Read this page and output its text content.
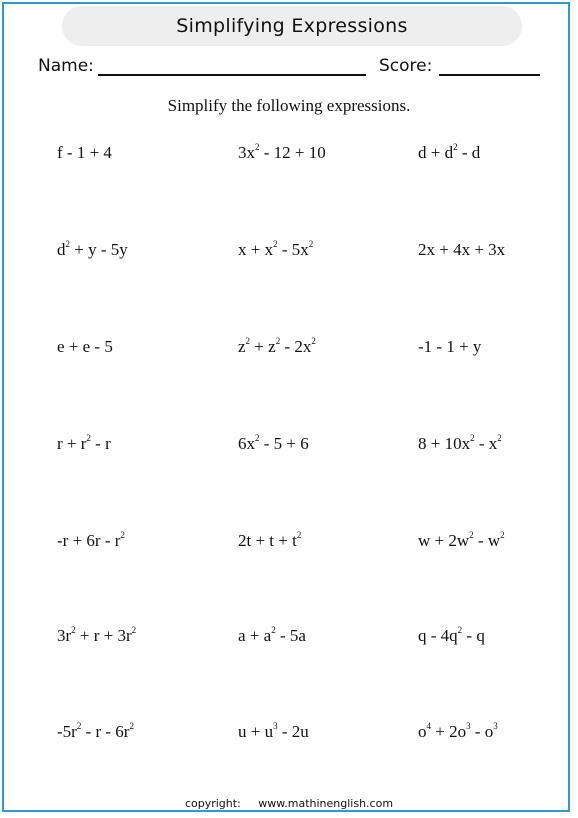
Simplifying Expressions
Name:	Score:
Simplify the following expressions.
f - 1 + 4	$3x^2 - 12 + 10$	$d + d^2 - d$
$d^2 + y - 5y$	$x + x^2 - 5x^2$	2x + 4x + 3x
e + e - 5	$z^2 + z^2 - 2x^2$	-1 - 1 + y
$r + r^2 - r$	$6x^2 - 5 + 6$	$8 + 10x^2 - x^2$
$-r + 6r - r^2$	$2t + t + t^2$	$w + 2w^2 - w^2$
$3r^2 + r + 3r^2$	$a + a^2 - 5a$	q - $4q^2$ - q
$-5r^2$ - r - $6r^2$	$u + u^3 - 2u$	$o^4 + 2o^3 - o^3$
copyright: www.mathinenglish.com
